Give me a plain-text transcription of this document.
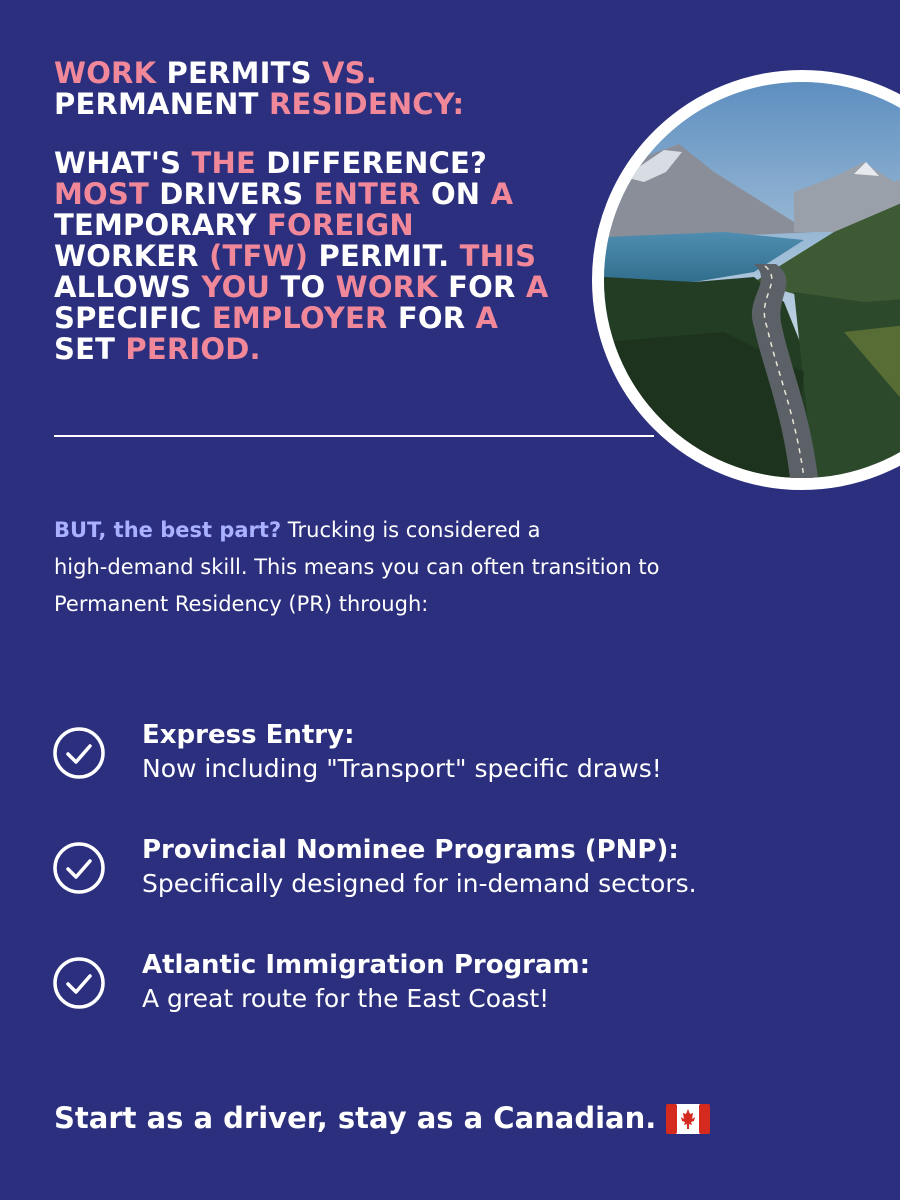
WORK PERMITS VS.
PERMANENT RESIDENCY:
WHAT'S THE DIFFERENCE?
MOST DRIVERS ENTER ON A
TEMPORARY FOREIGN
WORKER (TFW) PERMIT. THIS
ALLOWS YOU TO WORK FOR A
SPECIFIC EMPLOYER FOR A
SET PERIOD.

BUT, the best part? Trucking is considered a
high-demand skill. This means you can often transition to
Permanent Residency (PR) through:

Express Entry:
Now including "Transport" specific draws!
Provincial Nominee Programs (PNP):
Specifically designed for in-demand sectors.
Atlantic Immigration Program:
A great route for the East Coast!

Start as a driver, stay as a Canadian.
